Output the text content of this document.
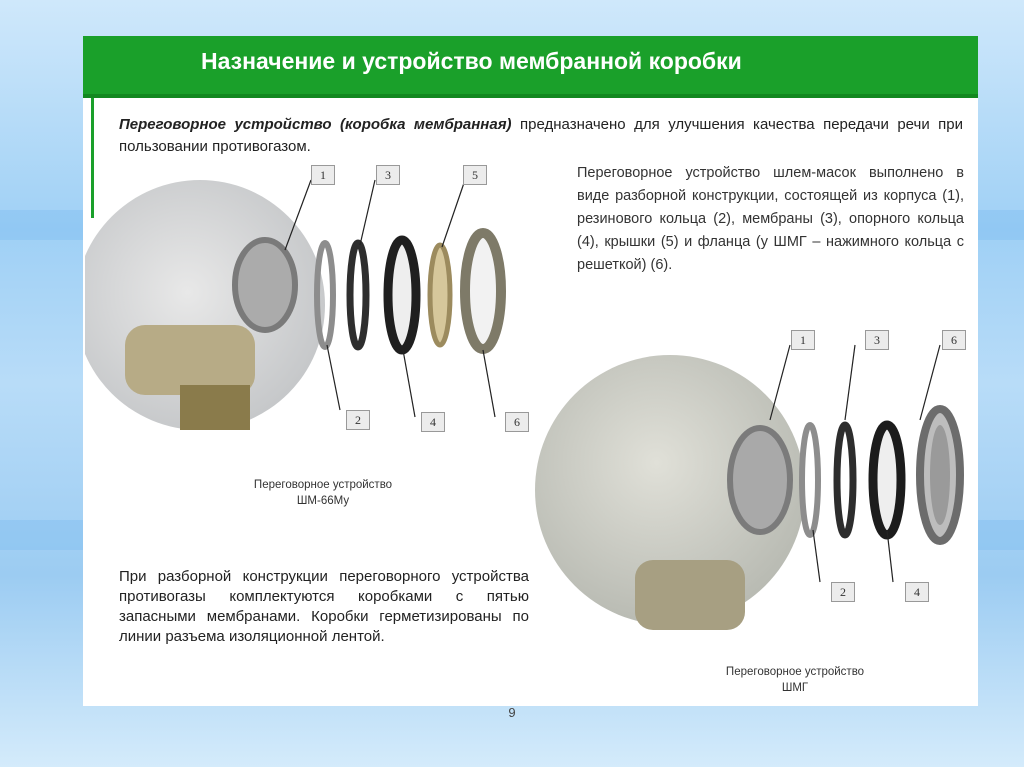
Назначение и устройство мембранной коробки
Переговорное устройство (коробка мембранная) предназначено для улучшения качества передачи речи при пользовании противогазом.
Переговорное устройство шлем-масок выполнено в виде разборной конструкции, состоящей из корпуса (1), резинового кольца (2), мембраны (3), опорного кольца (4), крышки (5) и фланца (у ШМГ – нажимного кольца с решеткой) (6).
При разборной конструкции переговорного устройства противогазы комплектуются коробками с пятью запасными мембранами. Коробки герметизированы по линии разъема изоляционной лентой.
Переговорное устройство
ШМ-66Му
Переговорное устройство
ШМГ
1	3	5
2	4	6
1	3	6
2	4
9
